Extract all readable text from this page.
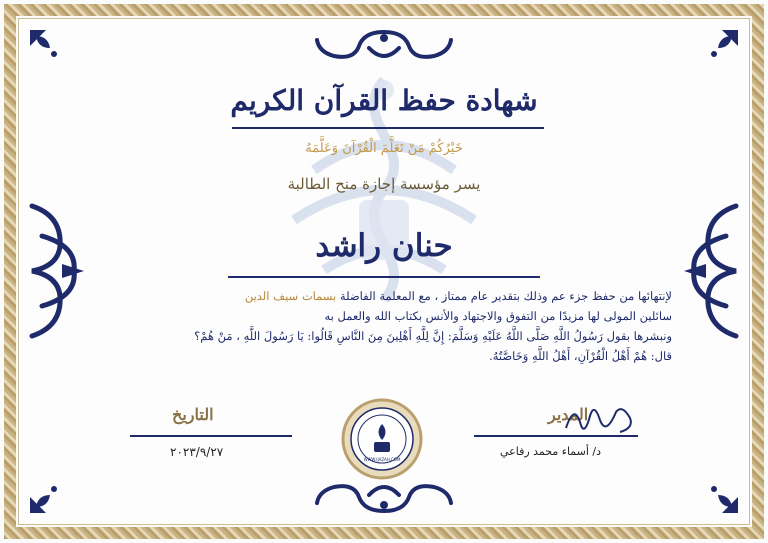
شهادة حفظ القرآن الكريم
خَيْرُكُمْ مَنْ تَعَلَّمَ الْقُرْآنَ وَعَلَّمَهُ
يسر مؤسسة إجازة منح الطالبة
حنان راشد
لإنتهائها من حفظ جزء عم وذلك بتقدير عام ممتاز ، مع المعلمة الفاضلة بسمات سيف الدين
سائلين المولى لها مزيدًا من التفوق والاجتهاد والأنس بكتاب الله والعمل به
ونبشرها بقول رَسُولُ اللَّهِ صَلَّى اللَّهُ عَلَيْهِ وَسَلَّمَ: إِنَّ لِلَّهِ أَهْلِينَ مِنَ النَّاسِ قَالُوا: يَا رَسُولَ اللَّهِ ، مَنْ هُمْ؟
قال: هُمْ أَهْلُ الْقُرْآنِ، أَهْلُ اللَّهِ وَخَاصَّتُهُ.
التاريخ
٢٠٢٣/٩/٢٧
المدير
د/ أسماء محمد رفاعي
WWW.IJAZAH.COM
